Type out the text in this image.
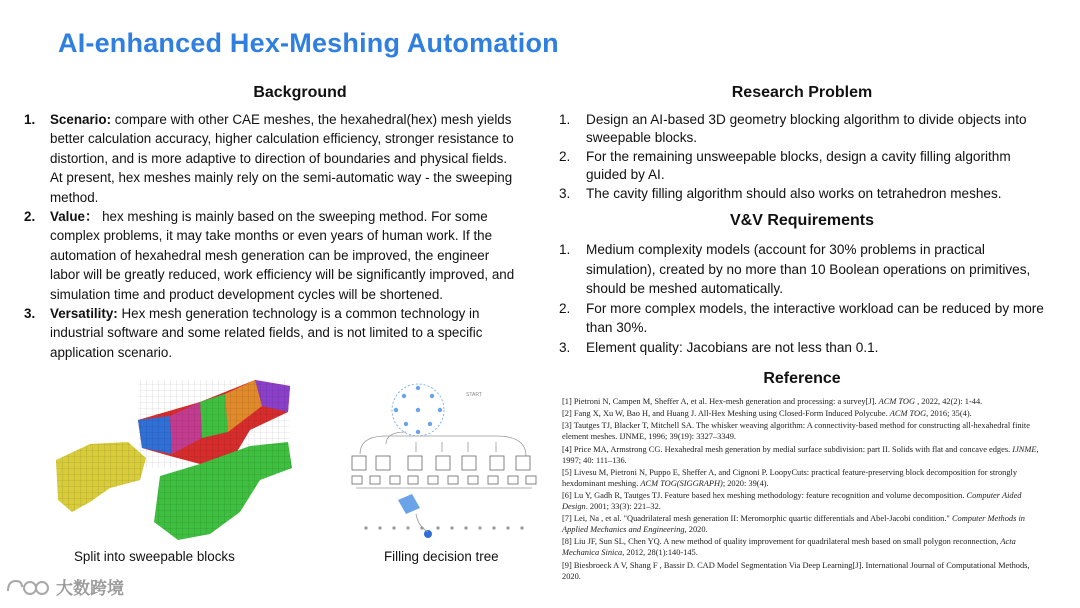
AI-enhanced Hex-Meshing Automation
Background
1. Scenario: compare with other CAE meshes, the hexahedral(hex) mesh yields better calculation accuracy, higher calculation efficiency, stronger resistance to distortion, and is more adaptive to direction of boundaries and physical fields. At present, hex meshes mainly rely on the semi-automatic way - the sweeping method.
2. Value： hex meshing is mainly based on the sweeping method. For some complex problems, it may take months or even years of human work. If the automation of hexahedral mesh generation can be improved, the engineer labor will be greatly reduced, work efficiency will be significantly improved, and simulation time and product development cycles will be shortened.
3. Versatility: Hex mesh generation technology is a common technology in industrial software and some related fields, and is not limited to a specific application scenario.
Research Problem
1. Design an AI-based 3D geometry blocking algorithm to divide objects into sweepable blocks.
2. For the remaining unsweepable blocks, design a cavity filling algorithm guided by AI.
3. The cavity filling algorithm should also works on tetrahedron meshes.
V&V Requirements
1. Medium complexity models (account for 30% problems in practical simulation), created by no more than 10 Boolean operations on primitives, should be meshed automatically.
2. For more complex models, the interactive workload can be reduced by more than 30%.
3. Element quality: Jacobians are not less than 0.1.
Reference

[1] Pietroni N, Campen M, Sheffer A, et al. Hex-mesh generation and processing: a survey[J]. ACM TOG , 2022, 42(2): 1-44.

[2] Fang X, Xu W, Bao H, and Huang J. All-Hex Meshing using Closed-Form Induced Polycube. ACM TOG, 2016; 35(4).

[3] Tautges TJ, Blacker T, Mitchell SA. The whisker weaving algorithm: A connectivity-based method for constructing all-hexahedral finite element meshes. IJNME, 1996; 39(19): 3327–3349.

[4] Price MA, Armstrong CG. Hexahedral mesh generation by medial surface subdivision: part II. Solids with flat and concave edges. IJNME, 1997; 40: 111–136.

[5] Livesu M, Pietroni N, Puppo E, Sheffer A, and Cignoni P. LoopyCuts: practical feature-preserving block decomposition for strongly hexdominant meshing. ACM TOG(SIGGRAPH); 2020: 39(4).

[6] Lu Y, Gadh R, Tautges TJ. Feature based hex meshing methodology: feature recognition and volume decomposition. Computer Aided Design. 2001; 33(3): 221–32.

[7] Lei, Na , et al. "Quadrilateral mesh generation II: Meromorphic quartic differentials and Abel-Jacobi condition." Computer Methods in Applied Mechanics and Engineering, 2020.

[8] Liu JF, Sun SL, Chen YQ. A new method of quality improvement for quadrilateral mesh based on small polygon reconnection, Acta Mechanica Sinica, 2012, 28(1):140-145.

[9] Biesbroeck A V, Shang F , Bassir D. CAD Model Segmentation Via Deep Learning[J]. International Journal of Computational Methods, 2020.

Split into sweepable blocks
START
Filling decision tree
大数跨境
